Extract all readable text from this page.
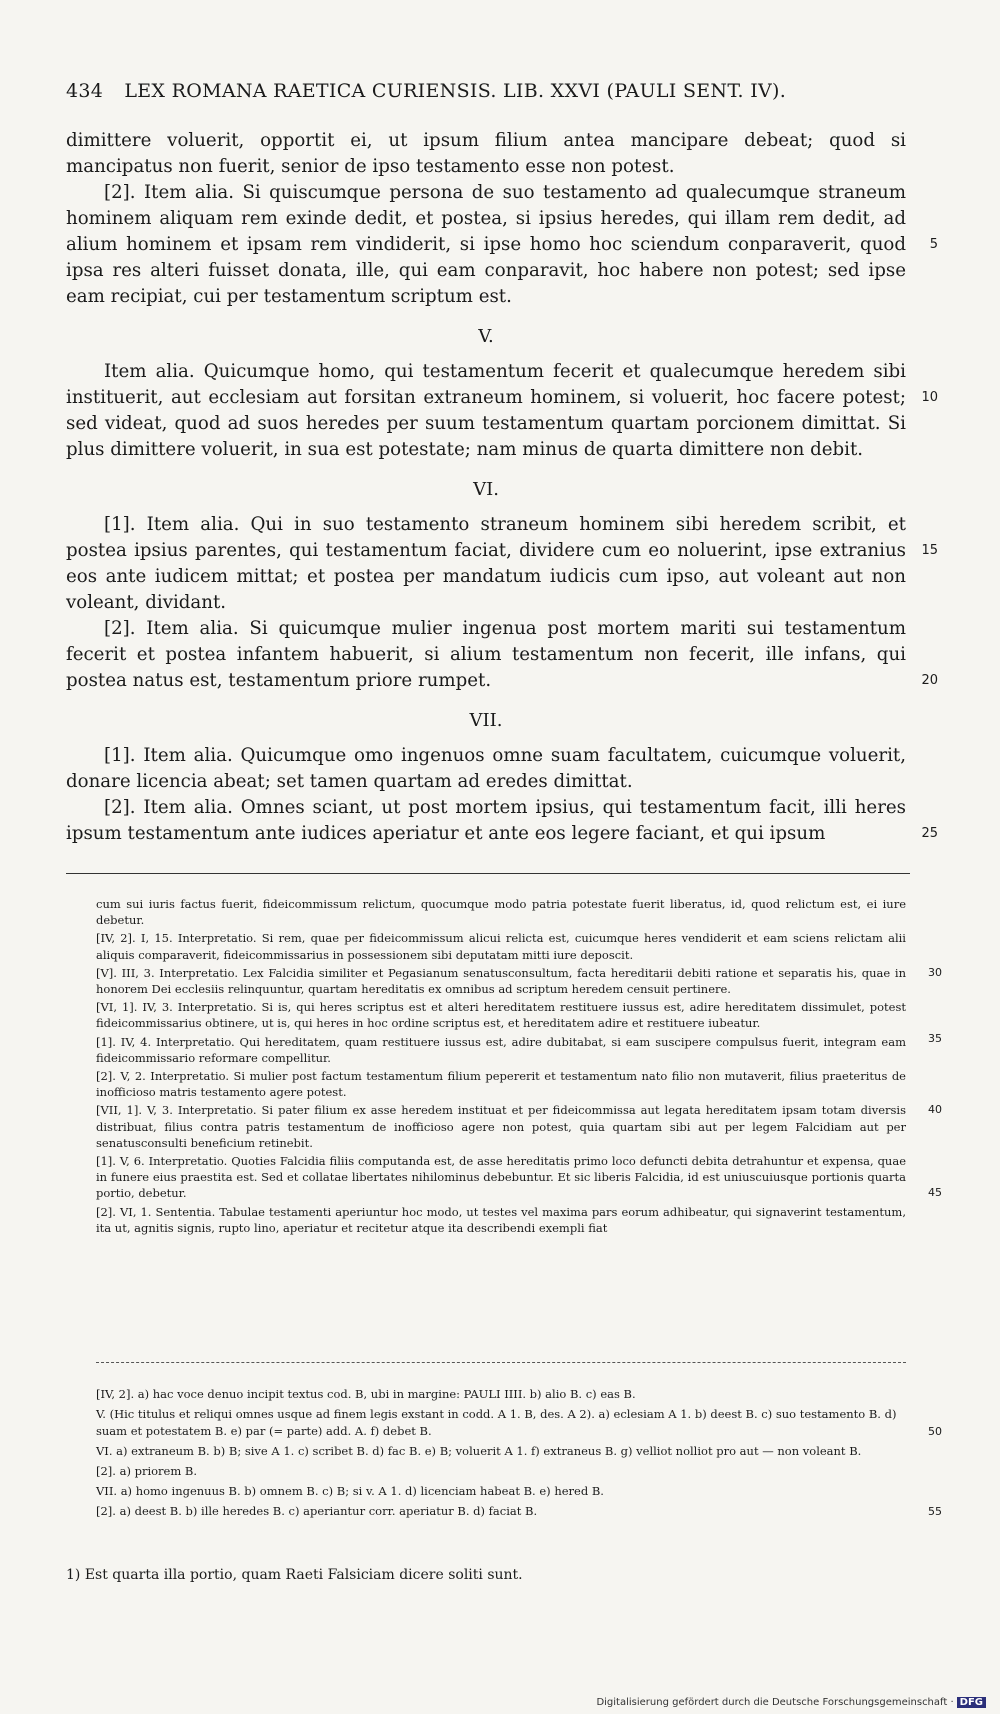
434 LEX ROMANA RAETICA CURIENSIS. LIB. XXVI (PAULI SENT. IV).

dimittere voluerit, opportit ei, ut ipsum filium antea mancipare debeat; quod si mancipatus non fuerit, senior de ipso testamento esse non potest.

[2]. Item alia. Si quiscumque persona de suo testamento ad qualecumque straneum hominem aliquam rem exinde dedit, et postea, si ipsius heredes, qui illam rem dedit, ad alium hominem et ipsam rem vindiderit, si ipse homo hoc sciendum conparaverit, quod ipsa res alteri fuisset donata, ille, qui eam conparavit, hoc habere non potest; sed ipse eam recipiat, cui per testamentum scriptum est.
5

V.

Item alia. Quicumque homo, qui testamentum fecerit et qualecumque heredem sibi instituerit, aut ecclesiam aut forsitan extraneum hominem, si voluerit, hoc facere potest; sed videat, quod ad suos heredes per suum testamentum quartam porcionem dimittat. Si plus dimittere voluerit, in sua est potestate; nam minus de quarta dimittere non debit.
10

VI.

[1]. Item alia. Qui in suo testamento straneum hominem sibi heredem scribit, et postea ipsius parentes, qui testamentum faciat, dividere cum eo noluerint, ipse extranius eos ante iudicem mittat; et postea per mandatum iudicis cum ipso, aut voleant aut non voleant, dividant.
15

[2]. Item alia. Si quicumque mulier ingenua post mortem mariti sui testamentum fecerit et postea infantem habuerit, si alium testamentum non fecerit, ille infans, qui postea natus est, testamentum priore rumpet.	20

VII.

[1]. Item alia. Quicumque omo ingenuos omne suam facultatem, cuicumque voluerit, donare licencia abeat; set tamen quartam ad eredes dimittat.

[2]. Item alia. Omnes sciant, ut post mortem ipsius, qui testamentum facit, illi heres ipsum testamentum ante iudices aperiatur et ante eos legere faciant, et qui ipsum	25

cum sui iuris factus fuerit, fideicommissum relictum, quocumque modo patria potestate fuerit liberatus, id, quod relictum est, ei iure debetur.

[IV, 2]. I, 15. Interpretatio. Si rem, quae per fideicommissum alicui relicta est, cuicumque heres vendiderit et eam sciens relictam alii aliquis comparaverit, fideicommissarius in possessionem sibi deputatam mitti iure deposcit.

[V]. III, 3. Interpretatio. Lex Falcidia similiter et Pegasianum senatusconsultum, facta hereditarii debiti ratione et separatis his, quae in honorem Dei ecclesiis relinquuntur, quartam hereditatis ex omnibus ad scriptum heredem censuit pertinere.
30

[VI, 1]. IV, 3. Interpretatio. Si is, qui heres scriptus est et alteri hereditatem restituere iussus est, adire hereditatem dissimulet, potest fideicommissarius obtinere, ut is, qui heres in hoc ordine scriptus est, et hereditatem adire et restituere iubeatur.
35

[1]. IV, 4. Interpretatio. Qui hereditatem, quam restituere iussus est, adire dubitabat, si eam suscipere compulsus fuerit, integram eam fideicommissario reformare compellitur.

[2]. V, 2. Interpretatio. Si mulier post factum testamentum filium pepererit et testamentum nato filio non mutaverit, filius praeteritus de inofficioso matris testamento agere potest.

[VII, 1]. V, 3. Interpretatio. Si pater filium ex asse heredem instituat et per fideicommissa aut legata hereditatem ipsam totam diversis distribuat, filius contra patris testamentum de inofficioso agere non potest, quia quartam sibi aut per legem Falcidiam aut per senatusconsulti beneficium retinebit.
40

[1]. V, 6. Interpretatio. Quoties Falcidia filiis computanda est, de asse hereditatis primo loco defuncti debita detrahuntur et expensa, quae in funere eius praestita est. Sed et collatae libertates nihilominus debebuntur. Et sic liberis Falcidia, id est uniuscuiusque portionis quarta portio, debetur.	45

[2]. VI, 1. Sententia. Tabulae testamenti aperiuntur hoc modo, ut testes vel maxima pars eorum adhibeatur, qui signaverint testamentum, ita ut, agnitis signis, rupto lino, aperiatur et recitetur atque ita describendi exempli fiat

[IV, 2]. a) hac voce denuo incipit textus cod. B, ubi in margine: PAULI IIII. b) alio B. c) eas B.

V. (Hic titulus et reliqui omnes usque ad finem legis exstant in codd. A 1. B, des. A 2). a) eclesiam A 1. b) deest B. c) suo testamento B. d) suam et potestatem B. e) par (= parte) add. A. f) debet B.	50

VI. a) extraneum B. b) B; sive A 1. c) scribet B. d) fac B. e) B; voluerit A 1. f) extraneus B. g) velliot nolliot pro aut — non voleant B.

[2]. a) priorem B.

VII. a) homo ingenuus B. b) omnem B. c) B; si v. A 1. d) licenciam habeat B. e) hered B.

[2]. a) deest B. b) ille heredes B. c) aperiantur corr. aperiatur B. d) faciat B.	55

1) Est quarta illa portio, quam Raeti Falsiciam dicere soliti sunt.
Digitalisierung gefördert durch die Deutsche Forschungsgemeinschaft · DFG
